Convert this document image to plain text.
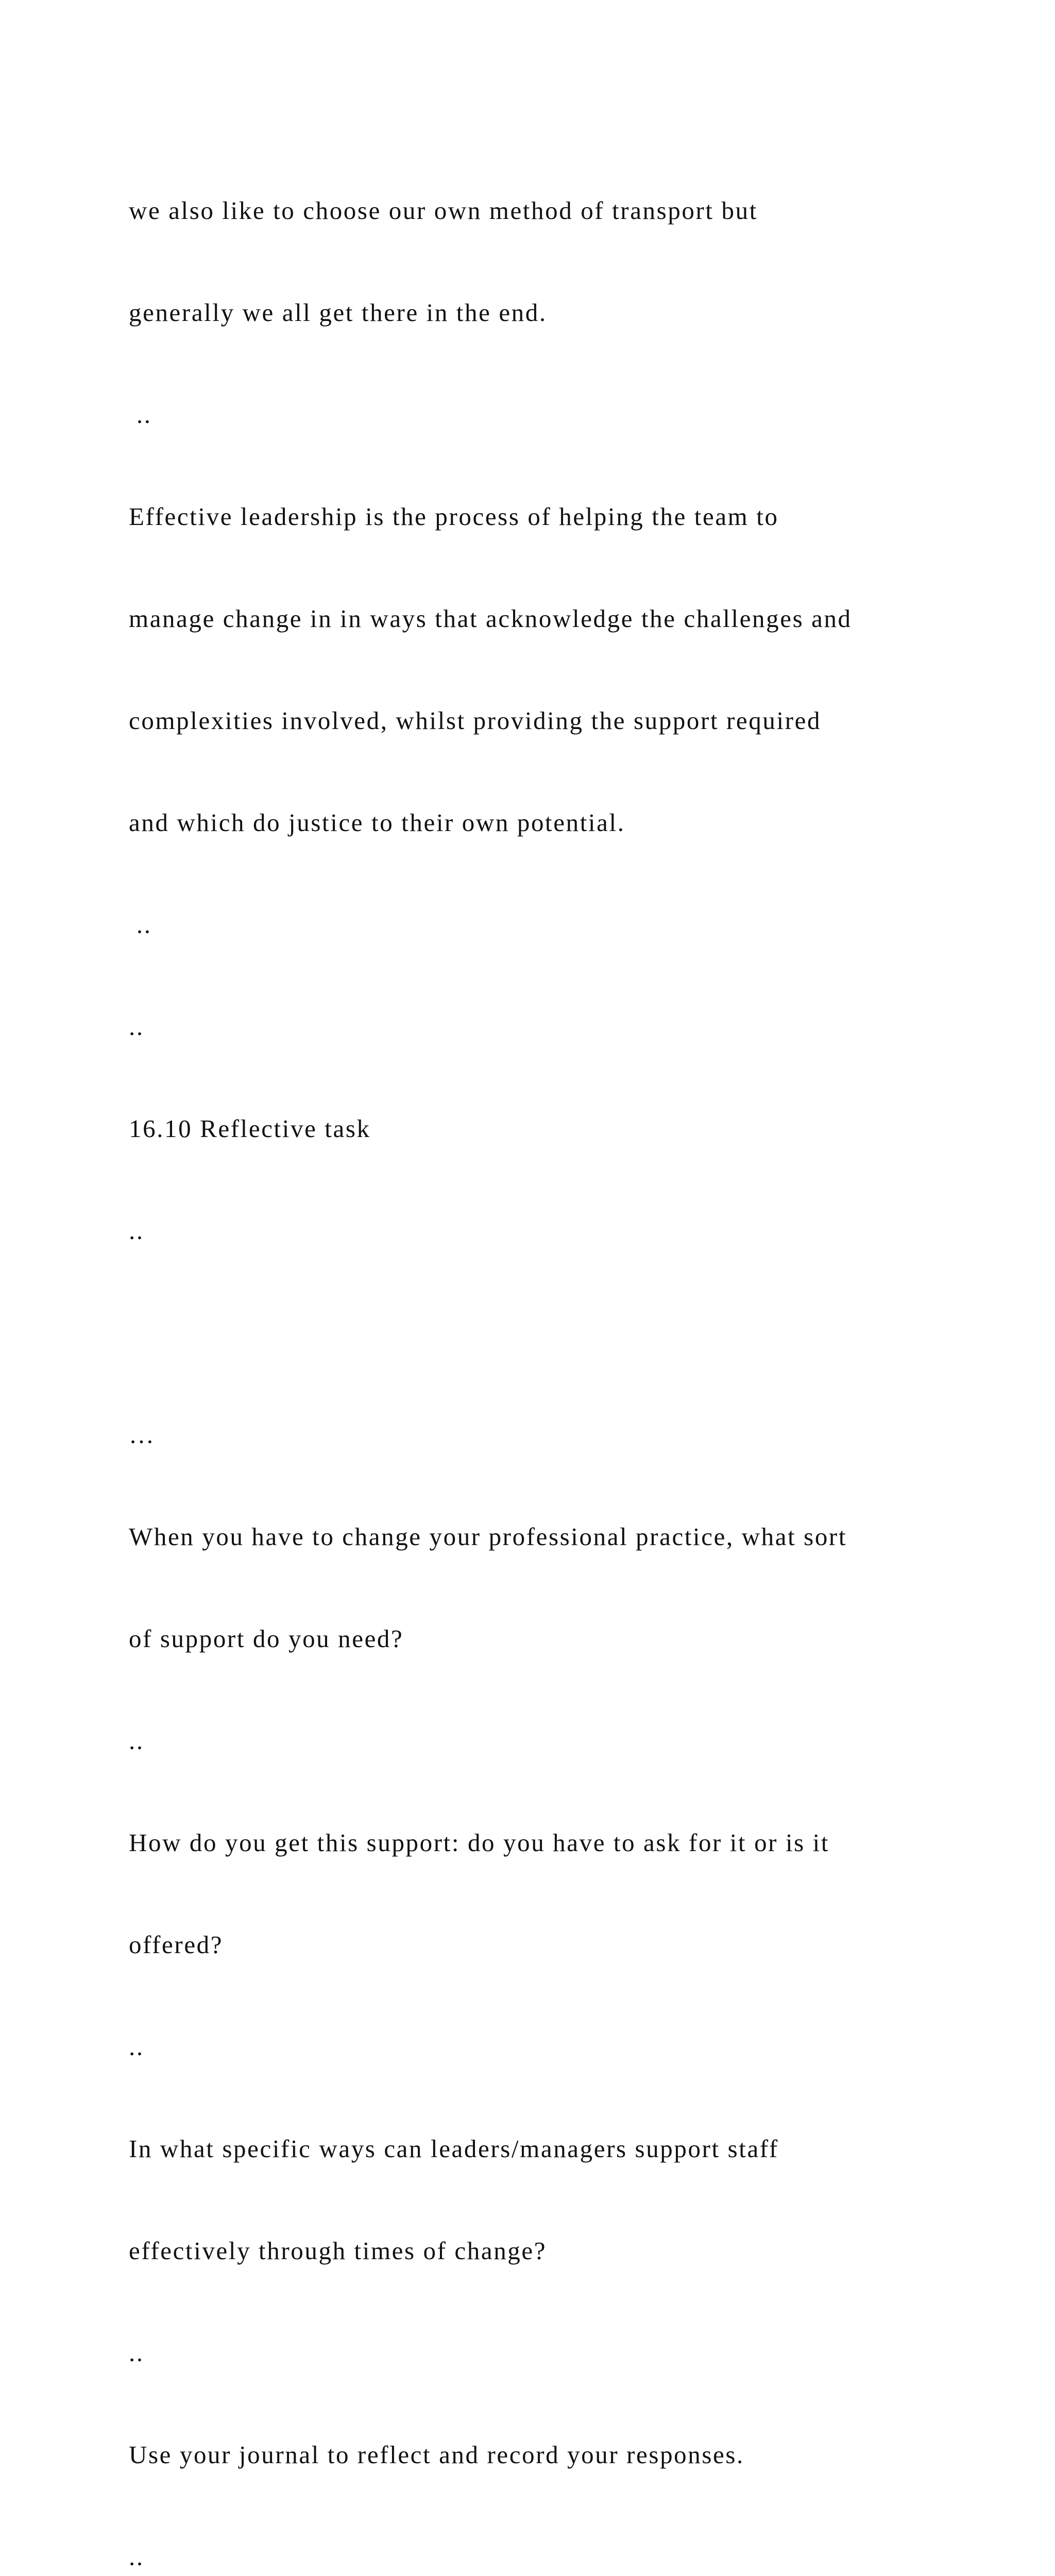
we also like to choose our own method of transport but

generally we all get there in the end.

..

Effective leadership is the process of helping the team to

manage change in in ways that acknowledge the challenges and

complexities involved, whilst providing the support required

and which do justice to their own potential.

..

..

16.10 Reflective task

..

…

When you have to change your professional practice, what sort

of support do you need?

..

How do you get this support: do you have to ask for it or is it

offered?

..

In what specific ways can leaders/managers support staff

effectively through times of change?

..

Use your journal to reflect and record your responses.

..
